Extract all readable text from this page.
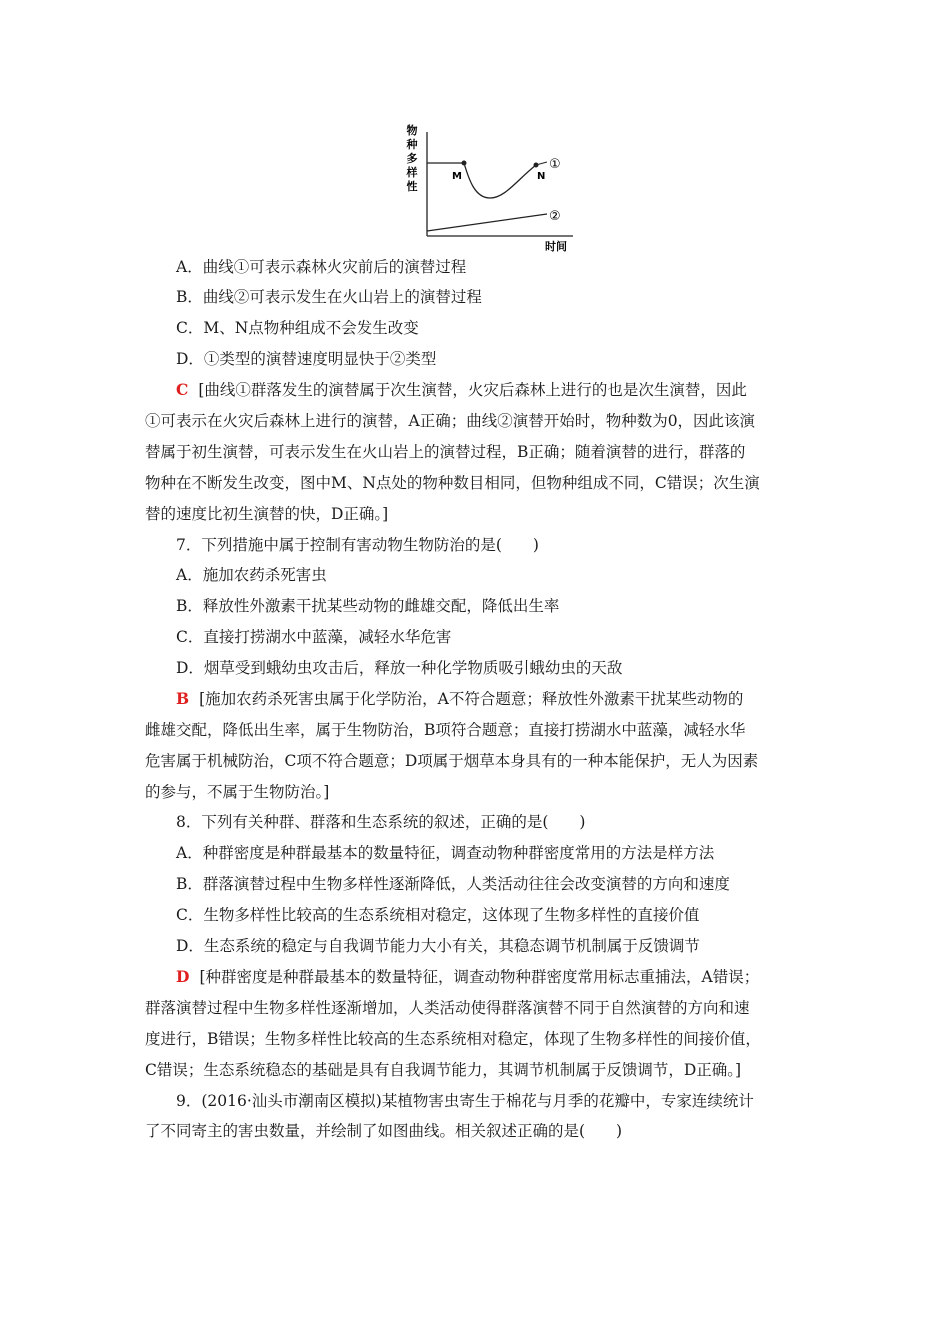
物
种
多
样
性
M	N
①
②
时间
A．曲线①可表示森林火灾前后的演替过程
B．曲线②可表示发生在火山岩上的演替过程
C．M、N点物种组成不会发生改变
D．①类型的演替速度明显快于②类型
C [曲线①群落发生的演替属于次生演替，火灾后森林上进行的也是次生演替，因此
①可表示在火灾后森林上进行的演替，A正确；曲线②演替开始时，物种数为0，因此该演
替属于初生演替，可表示发生在火山岩上的演替过程，B正确；随着演替的进行，群落的
物种在不断发生改变，图中M、N点处的物种数目相同，但物种组成不同，C错误；次生演
替的速度比初生演替的快，D正确。]
7．下列措施中属于控制有害动物生物防治的是(　　)
A．施加农药杀死害虫
B．释放性外激素干扰某些动物的雌雄交配，降低出生率
C．直接打捞湖水中蓝藻，减轻水华危害
D．烟草受到蛾幼虫攻击后，释放一种化学物质吸引蛾幼虫的天敌
B [施加农药杀死害虫属于化学防治，A不符合题意；释放性外激素干扰某些动物的
雌雄交配，降低出生率，属于生物防治，B项符合题意；直接打捞湖水中蓝藻，减轻水华
危害属于机械防治，C项不符合题意；D项属于烟草本身具有的一种本能保护，无人为因素
的参与，不属于生物防治。]
8．下列有关种群、群落和生态系统的叙述，正确的是(　　)
A．种群密度是种群最基本的数量特征，调查动物种群密度常用的方法是样方法
B．群落演替过程中生物多样性逐渐降低，人类活动往往会改变演替的方向和速度
C．生物多样性比较高的生态系统相对稳定，这体现了生物多样性的直接价值
D．生态系统的稳定与自我调节能力大小有关，其稳态调节机制属于反馈调节
D [种群密度是种群最基本的数量特征，调查动物种群密度常用标志重捕法，A错误；
群落演替过程中生物多样性逐渐增加，人类活动使得群落演替不同于自然演替的方向和速
度进行，B错误；生物多样性比较高的生态系统相对稳定，体现了生物多样性的间接价值，
C错误；生态系统稳态的基础是具有自我调节能力，其调节机制属于反馈调节，D正确。]
9．(2016·汕头市潮南区模拟)某植物害虫寄生于棉花与月季的花瓣中，专家连续统计
了不同寄主的害虫数量，并绘制了如图曲线。相关叙述正确的是(　　)
